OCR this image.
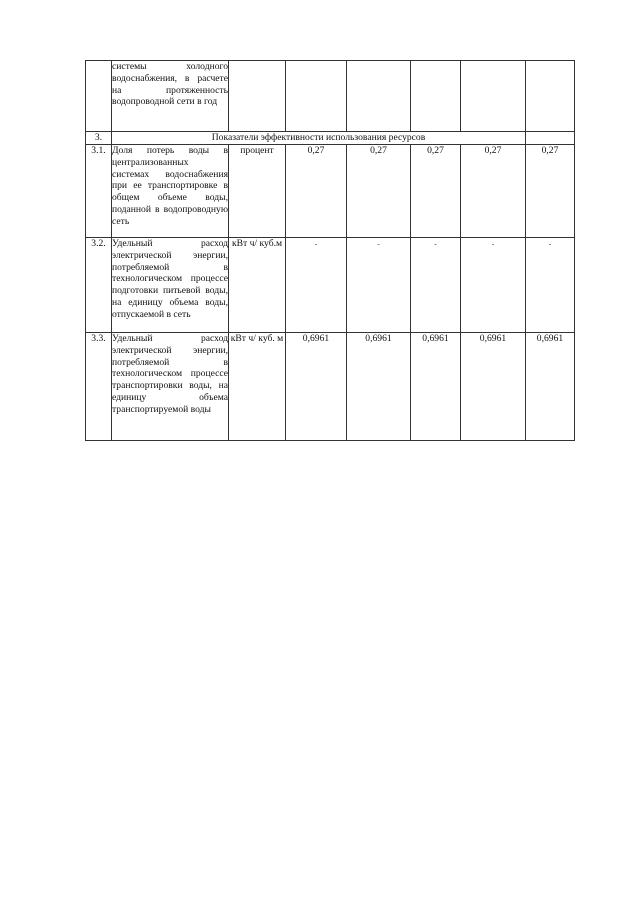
	системы холодного водоснабжения, в расчете на протяженность водопроводной сети в год						

3.	Показатели эффективности использования ресурсов						
3.1.	Доля потерь воды в централизованных системах водоснабжения при ее транспортировке в общем объеме воды, поданной в водопроводную сеть	процент	0,27	0,27	0,27	0,27	0,27
3.2.	Удельный расход электрической энергии, потребляемой в технологическом процессе подготовки питьевой воды, на единицу объема воды, отпускаемой в сеть	кВт ч/ куб.м	-	-	-	-	-
3.3.	Удельный расход электрической энергии, потребляемой в технологическом процессе транспортировки воды, на единицу объема транспортируемой воды	кВт ч/ куб. м	0,6961	0,6961	0,6961	0,6961	0,6961
